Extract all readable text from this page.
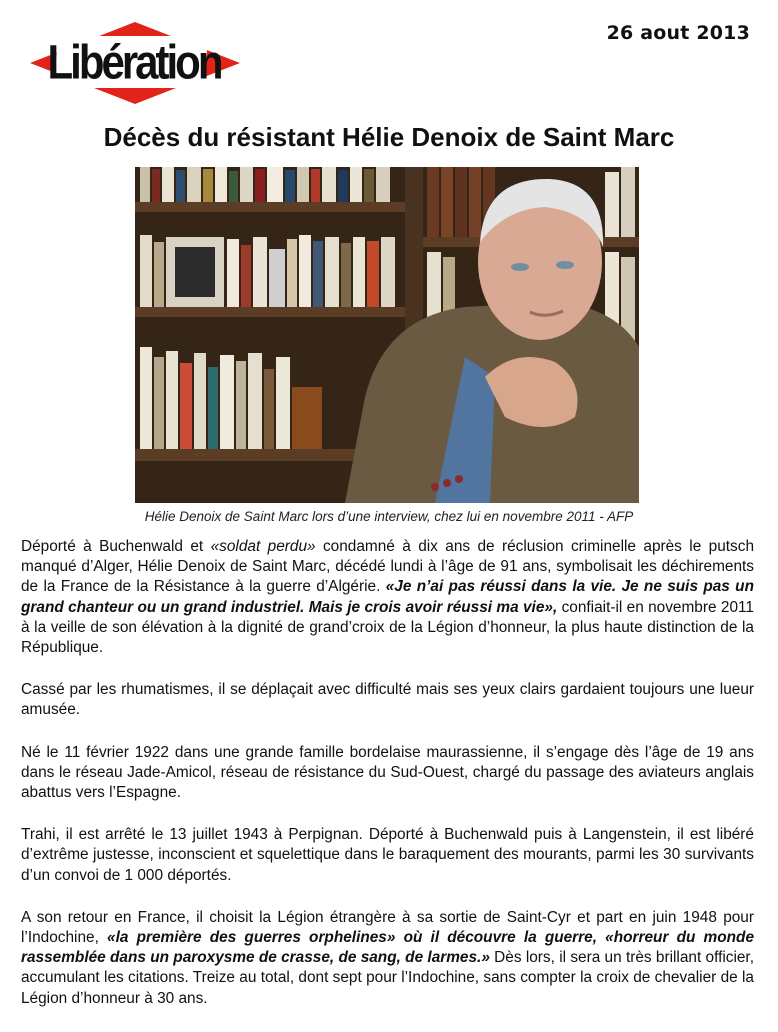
Libération
26 aout 2013
Décès du résistant Hélie Denoix de Saint Marc
Hélie Denoix de Saint Marc lors d’une interview, chez lui en novembre 2011 - AFP

Déporté à Buchenwald et «soldat perdu» condamné à dix ans de réclusion criminelle après le putsch manqué d’Alger, Hélie Denoix de Saint Marc, décédé lundi à l’âge de 91 ans, symbolisait les déchirements de la France de la Résistance à la guerre d’Algérie. «Je n’ai pas réussi dans la vie. Je ne suis pas un grand chanteur ou un grand industriel. Mais je crois avoir réussi ma vie», confiait-il en novembre 2011 à la veille de son élévation à la dignité de grand’croix de la Légion d’honneur, la plus haute distinction de la République.

Cassé par les rhumatismes, il se déplaçait avec difficulté mais ses yeux clairs gardaient toujours une lueur amusée.

Né le 11 février 1922 dans une grande famille bordelaise maurassienne, il s’engage dès l’âge de 19 ans dans le réseau Jade-Amicol, réseau de résistance du Sud-Ouest, chargé du passage des aviateurs anglais abattus vers l’Espagne.

Trahi, il est arrêté le 13 juillet 1943 à Perpignan. Déporté à Buchenwald puis à Langenstein, il est libéré d’extrême justesse, inconscient et squelettique dans le baraquement des mourants, parmi les 30 survivants d’un convoi de 1 000 déportés.

A son retour en France, il choisit la Légion étrangère à sa sortie de Saint-Cyr et part en juin 1948 pour l’Indochine, «la première des guerres orphelines» où il découvre la guerre, «horreur du monde rassemblée dans un paroxysme de crasse, de sang, de larmes.» Dès lors, il sera un très brillant officier, accumulant les citations. Treize au total, dont sept pour l’Indochine, sans compter la croix de chevalier de la Légion d’honneur à 30 ans.
